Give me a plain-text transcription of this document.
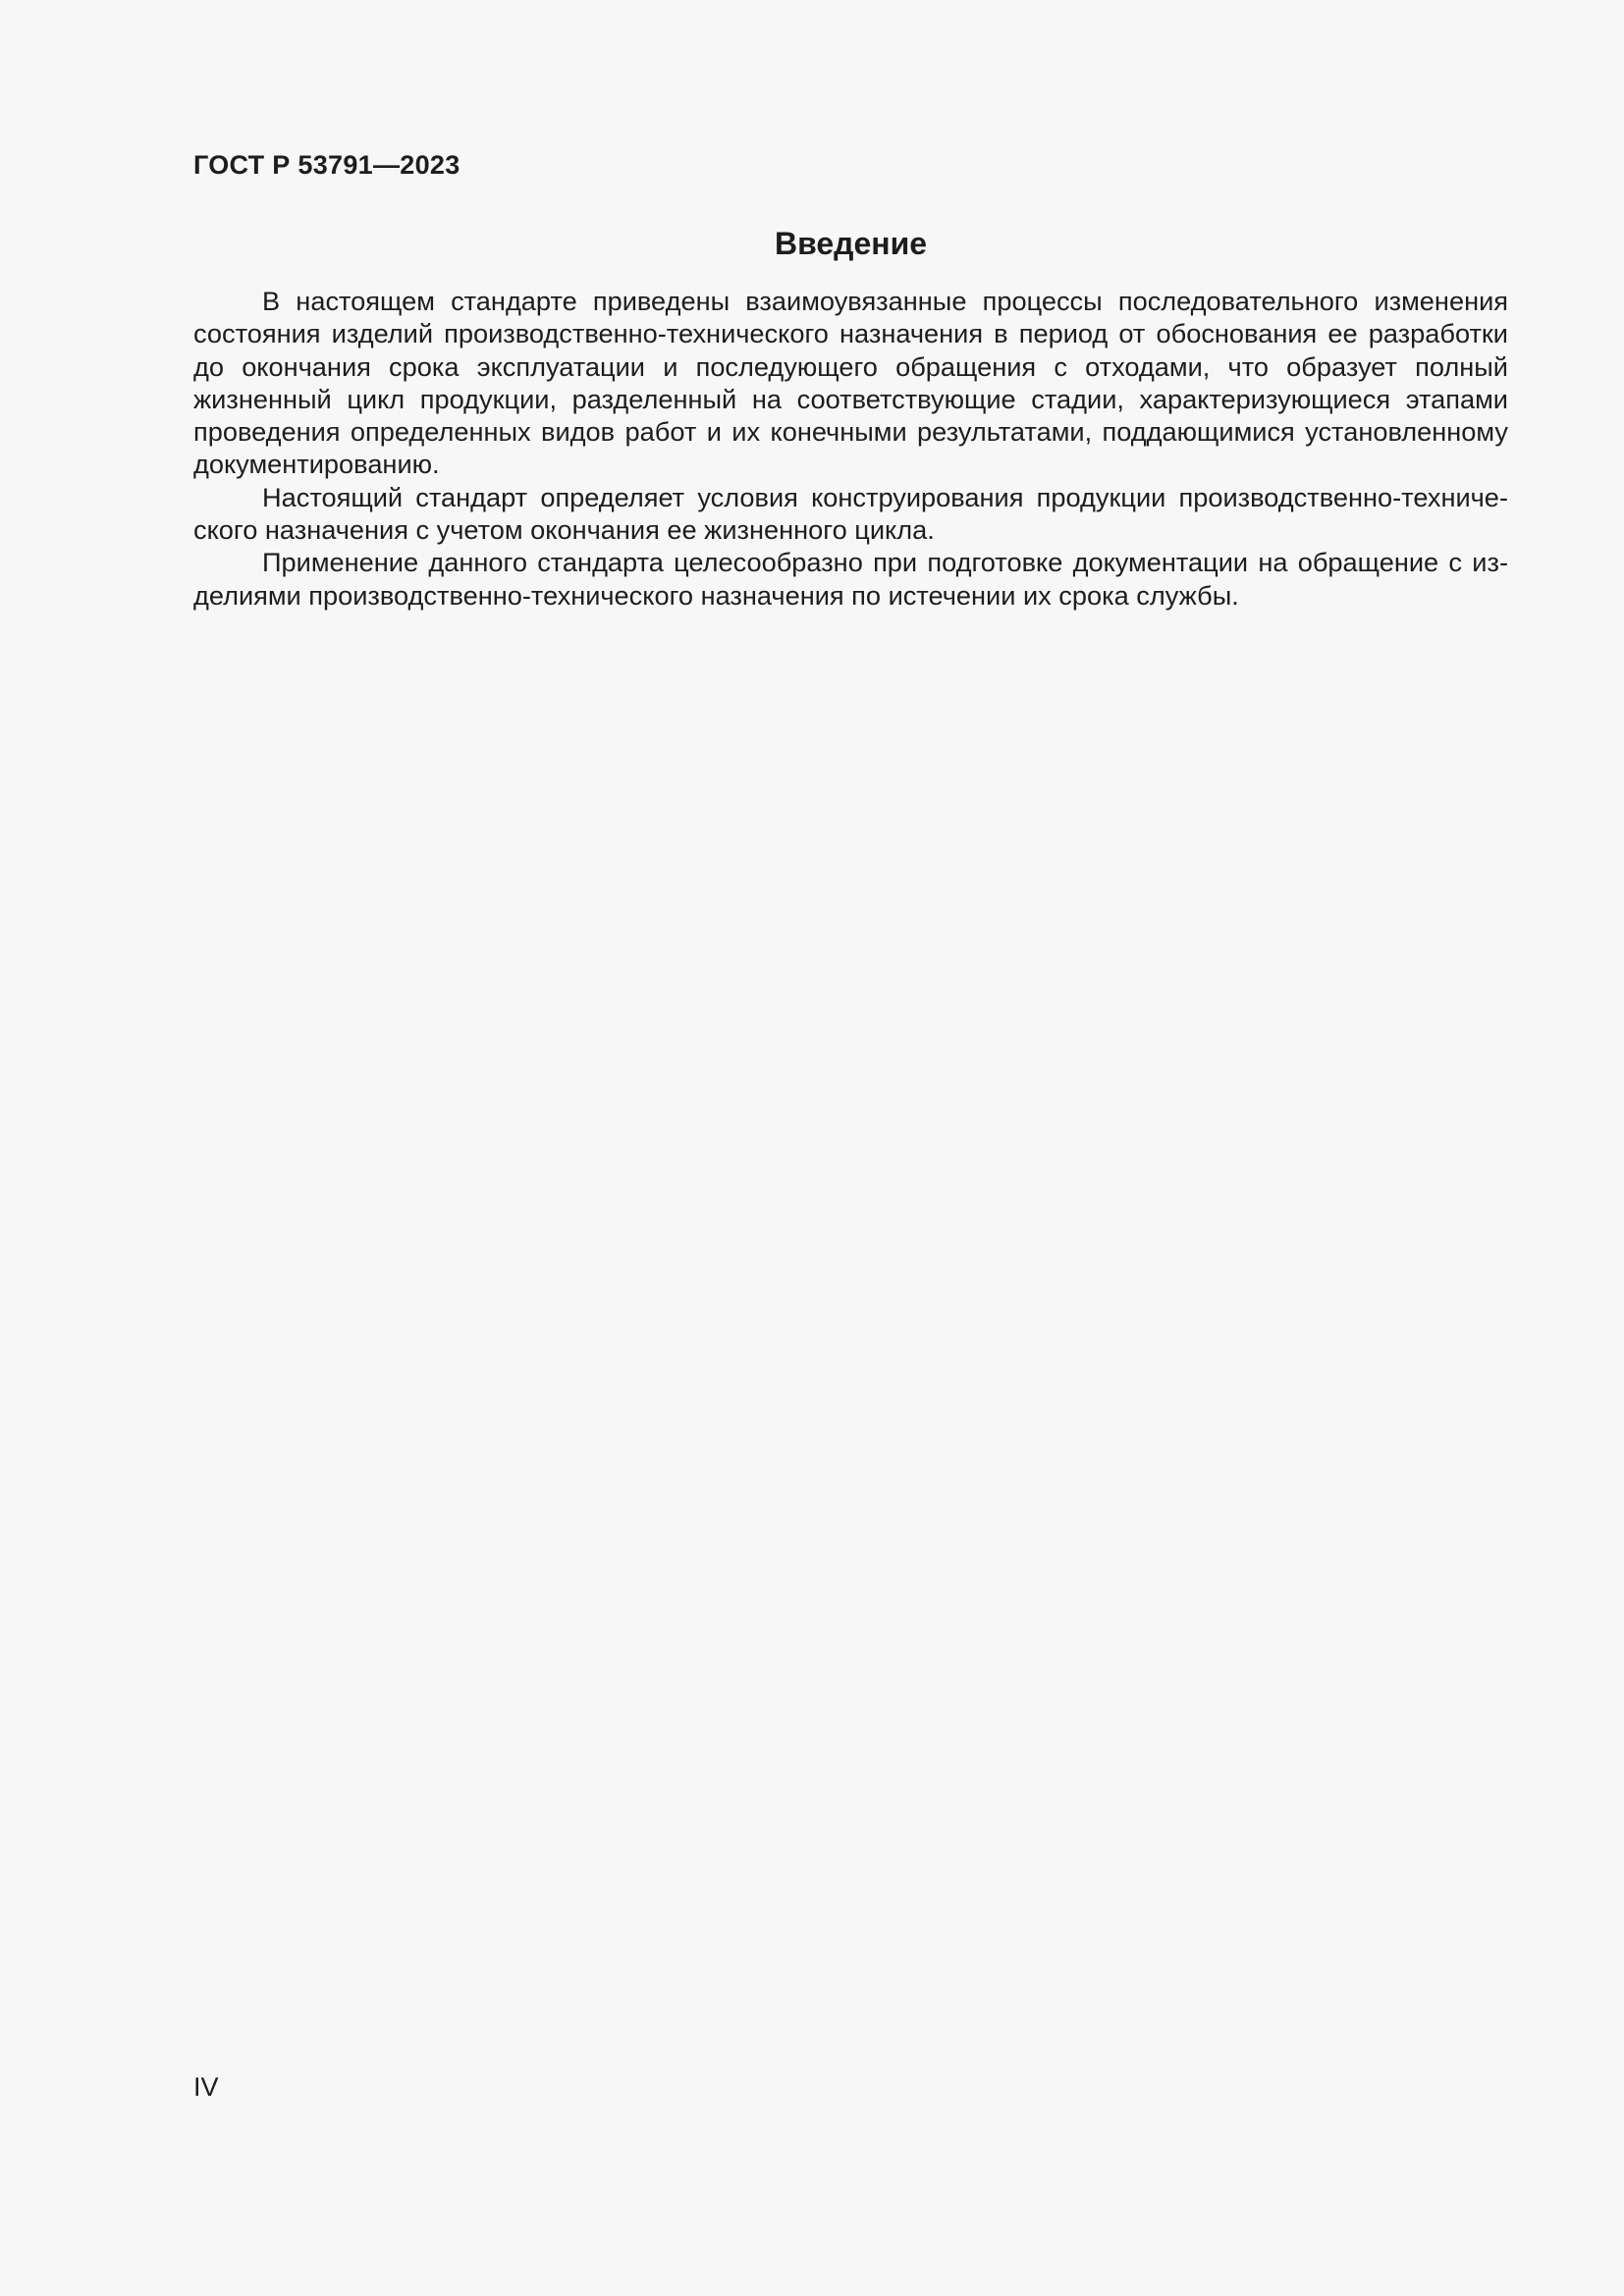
ГОСТ Р 53791—2023
Введение

В настоящем стандарте приведены взаимоувязанные процессы последовательного изменения состояния изделий производственно-технического назначения в период от обоснования ее разработки до окончания срока эксплуатации и последующего обращения с отходами, что образует полный жизненный цикл продукции, разделенный на соответствующие стадии, характеризующиеся этапами проведения определенных видов работ и их конечными результатами, поддающимися установленному документированию.

Настоящий стандарт определяет условия конструирования продукции производственно-технического назначения с учетом окончания ее жизненного цикла.

Применение данного стандарта целесообразно при подготовке документации на обращение с изделиями производственно-технического назначения по истечении их срока службы.

IV
